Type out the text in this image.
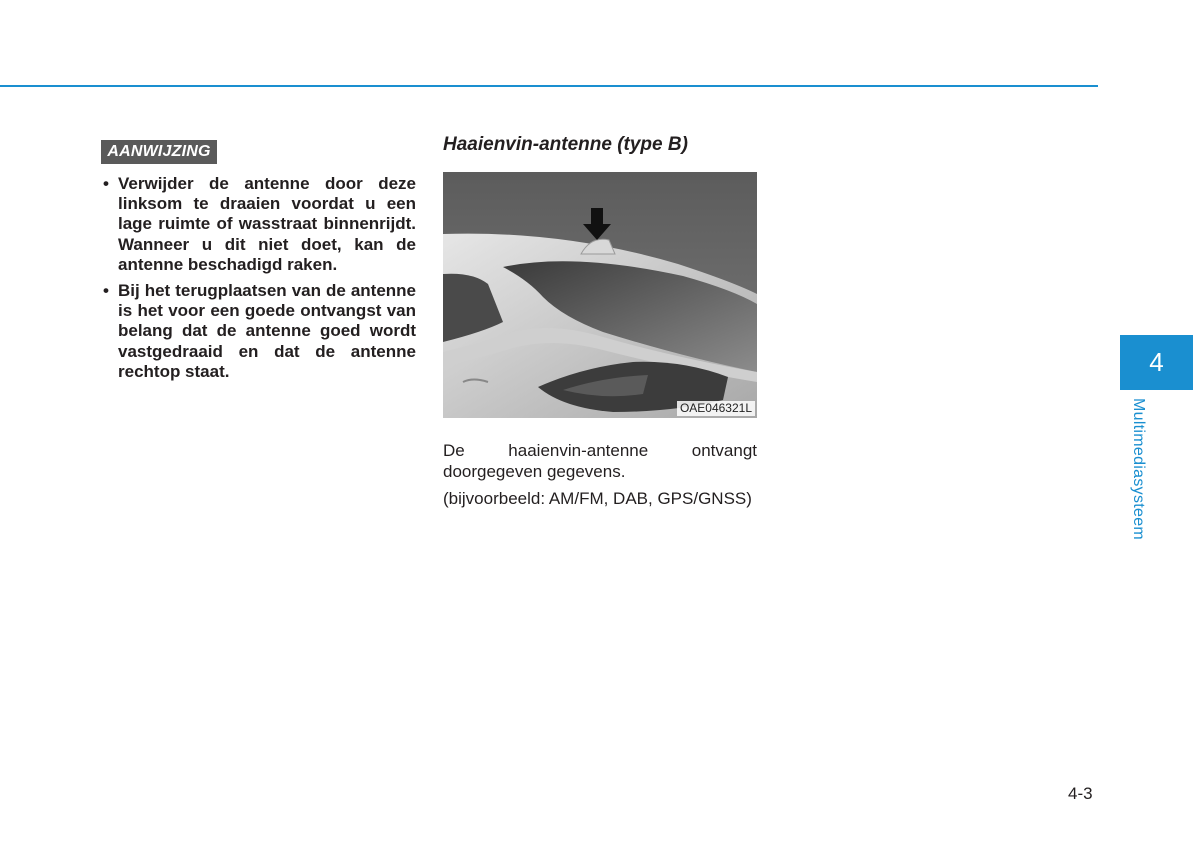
AANWIJZING
• Verwijder de antenne door deze linksom te draaien voordat u een lage ruimte of wasstraat binnenrijdt. Wanneer u dit niet doet, kan de antenne beschadigd raken.
• Bij het terugplaatsen van de antenne is het voor een goede ontvangst van belang dat de antenne goed wordt vastgedraaid en dat de antenne rechtop staat.
Haaienvin-antenne (type B)
OAE046321L

De haaienvin-antenne ontvangt doorgegeven gegevens.

(bijvoorbeeld: AM/FM, DAB, GPS/GNSS)

4
Multimediasysteem
4-3
